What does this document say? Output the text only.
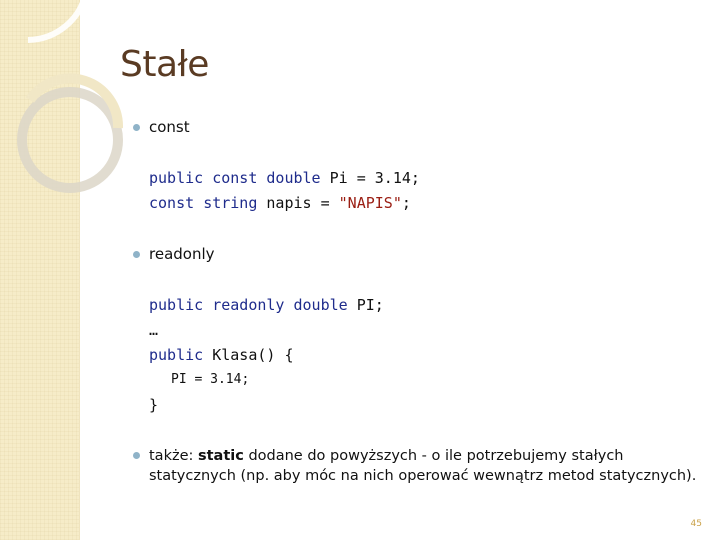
Stałe
const
public const double Pi = 3.14;
const string napis = "NAPIS";
readonly
public readonly double PI;
…
public Klasa() {
PI = 3.14;
}
także: static dodane do powyższych - o ile potrzebujemy stałych statycznych (np. aby móc na nich operować wewnątrz metod statycznych).
45
